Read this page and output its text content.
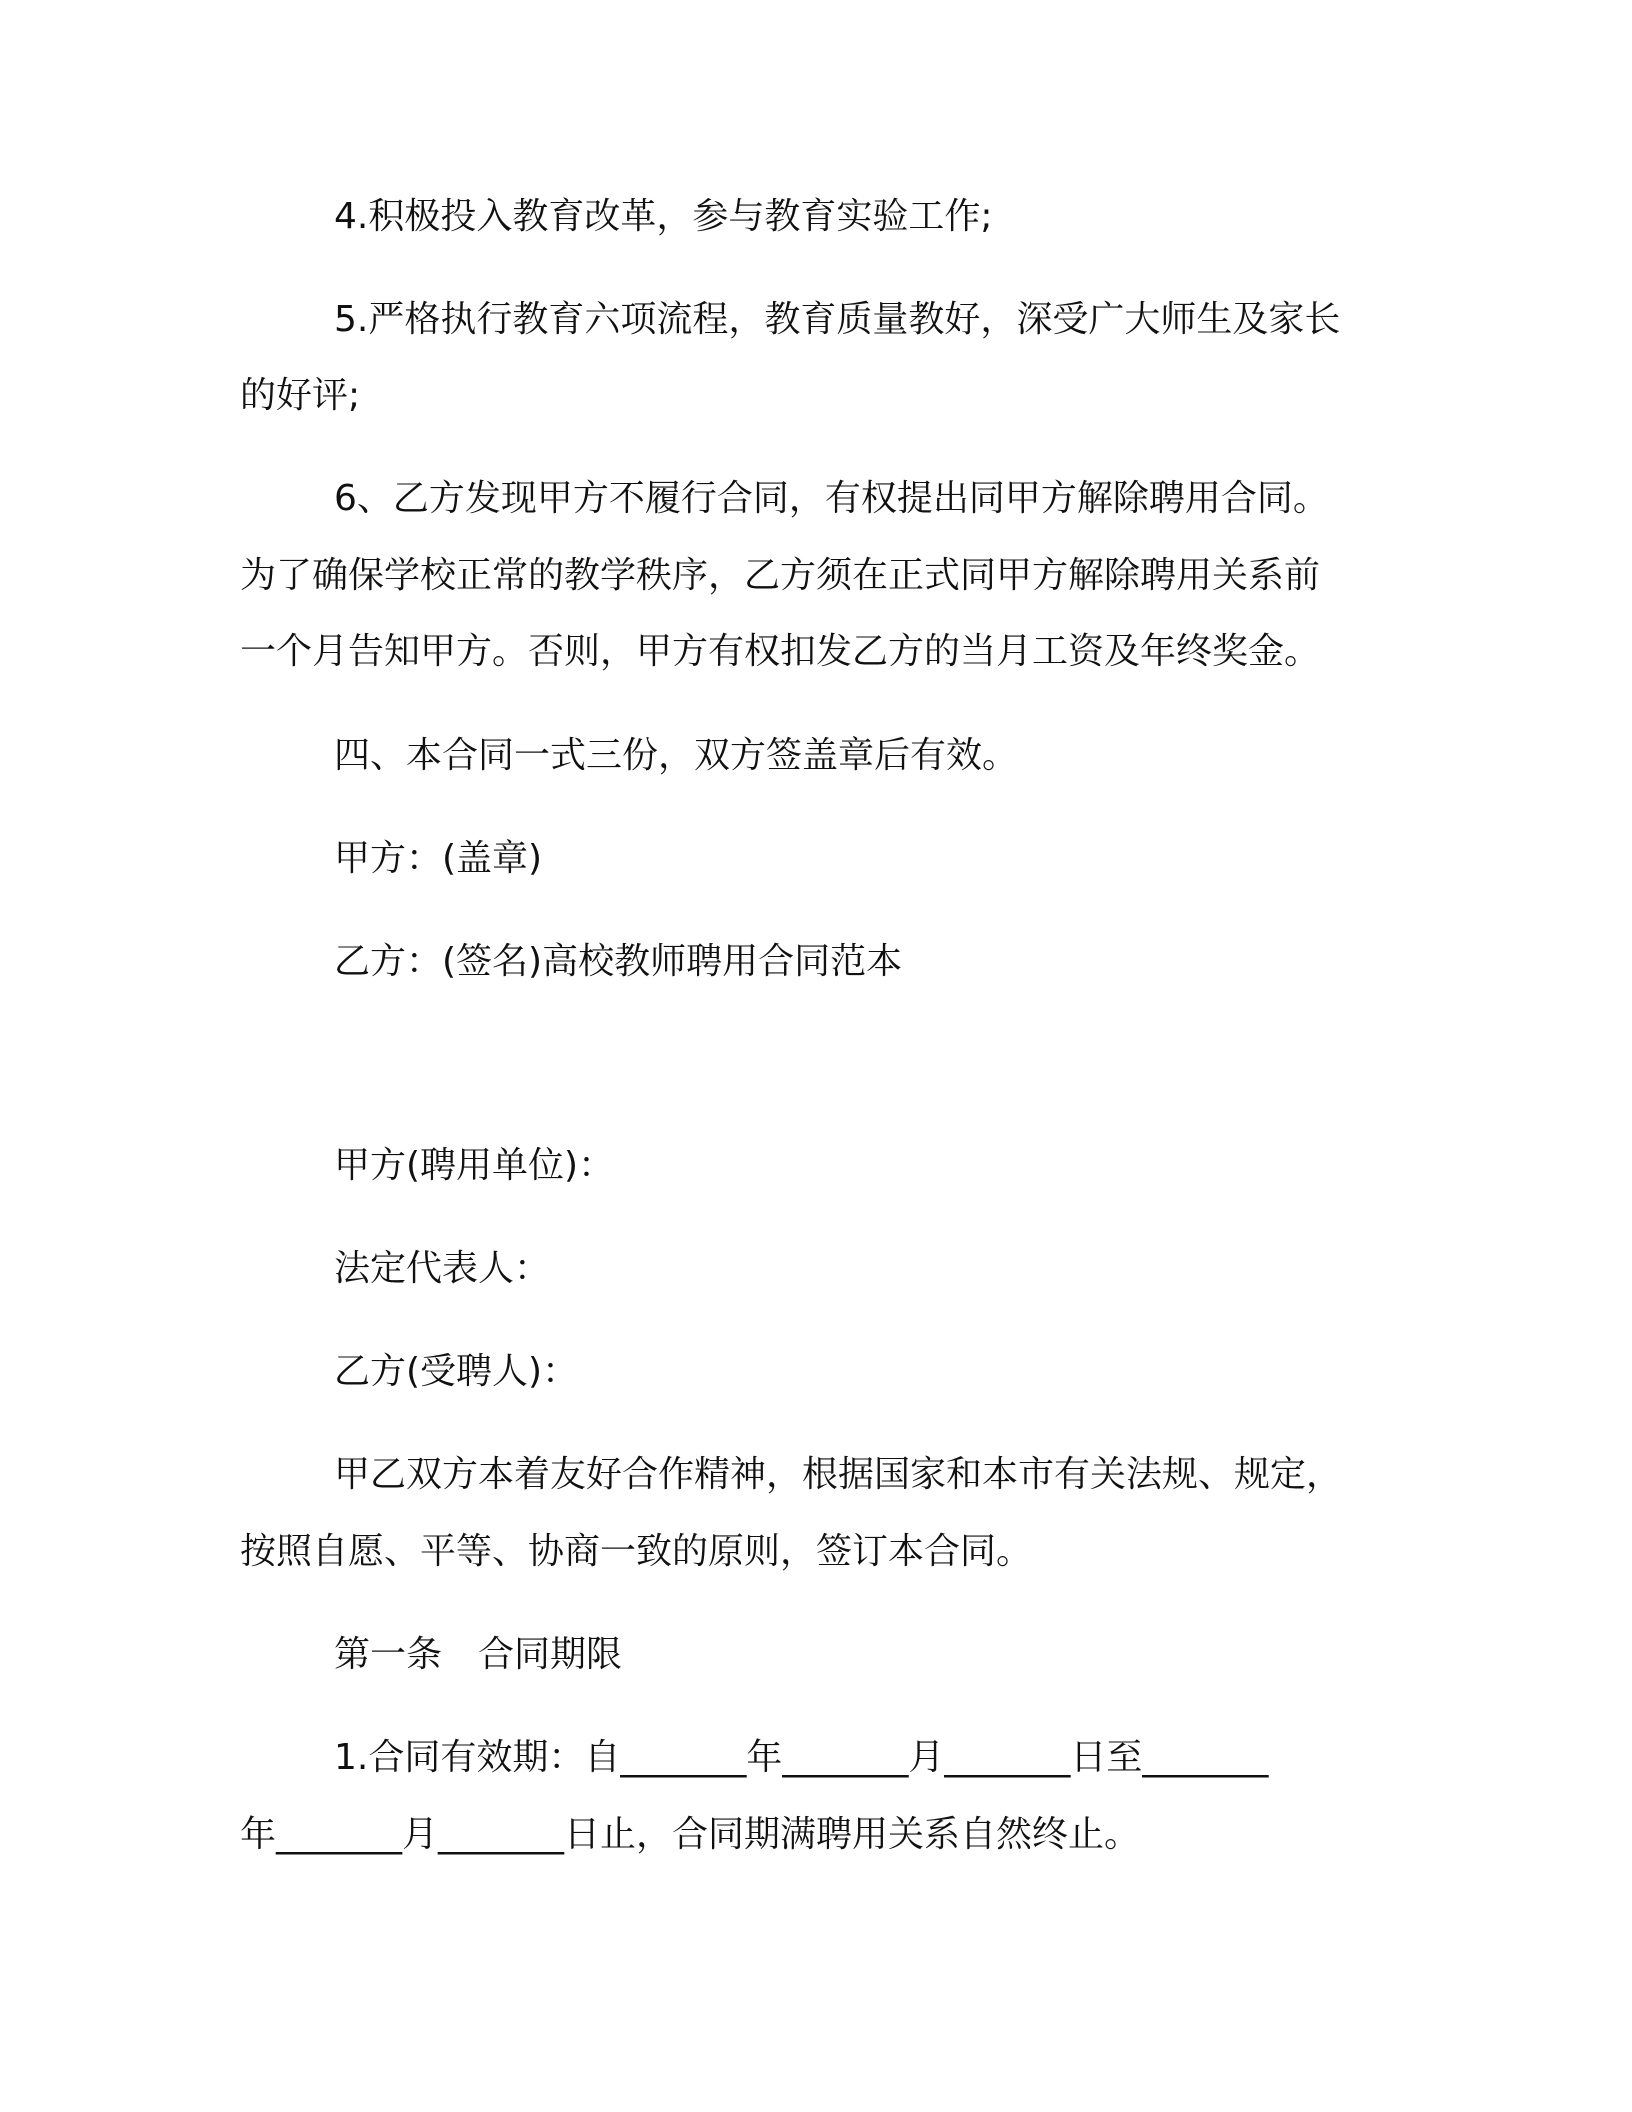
4.积极投入教育改革，参与教育实验工作;

5.严格执行教育六项流程，教育质量教好，深受广大师生及家长

的好评;

6、乙方发现甲方不履行合同，有权提出同甲方解除聘用合同。

为了确保学校正常的教学秩序，乙方须在正式同甲方解除聘用关系前

一个月告知甲方。否则，甲方有权扣发乙方的当月工资及年终奖金。

四、本合同一式三份，双方签盖章后有效。

甲方：(盖章)

乙方：(签名)高校教师聘用合同范本

甲方(聘用单位)：

法定代表人：

乙方(受聘人)：

甲乙双方本着友好合作精神，根据国家和本市有关法规、规定，

按照自愿、平等、协商一致的原则，签订本合同。

第一条　合同期限

1.合同有效期：自_______年_______月_______日至_______

年_______月_______日止，合同期满聘用关系自然终止。
